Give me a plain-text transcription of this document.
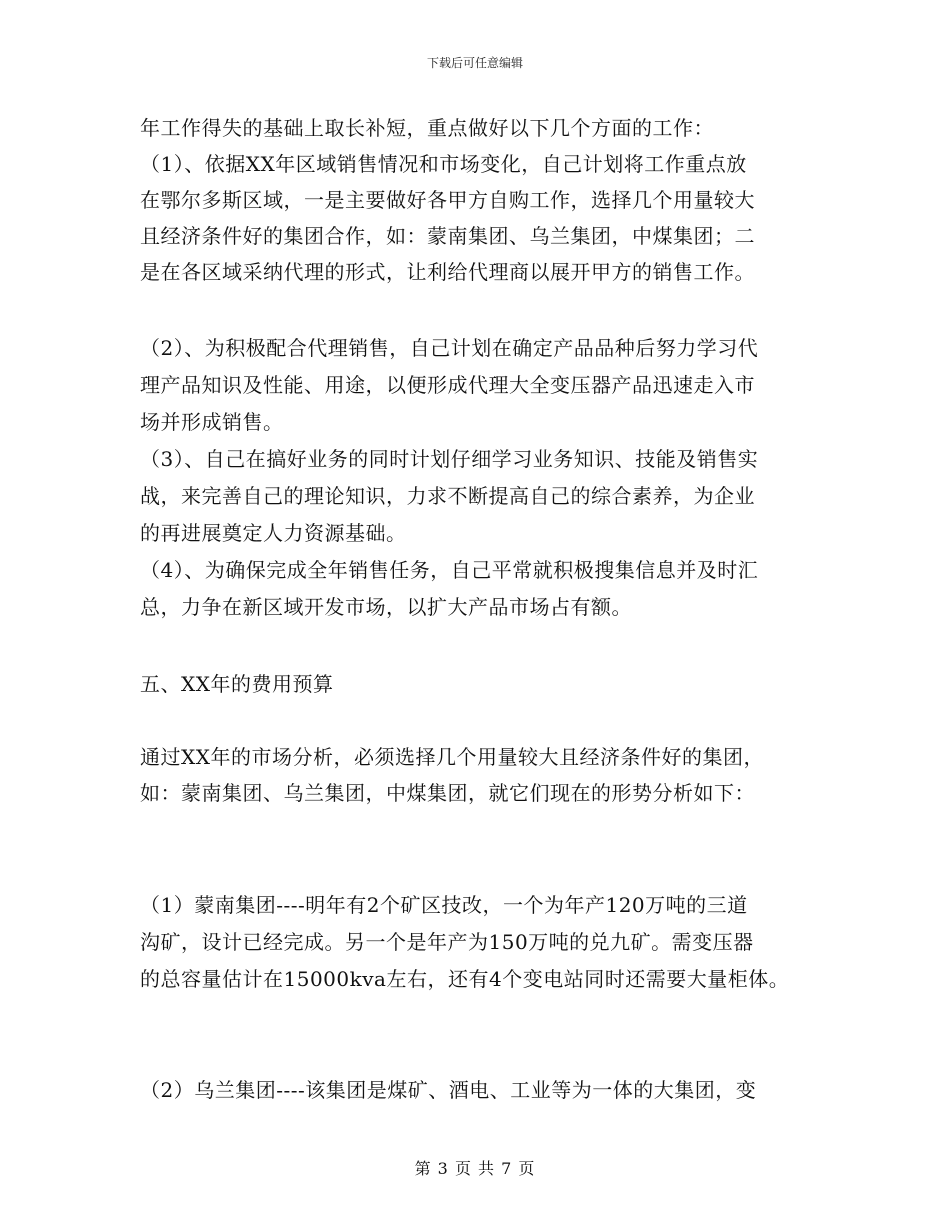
下载后可任意编辑
年工作得失的基础上取长补短，重点做好以下几个方面的工作：
（1）、依据XX年区域销售情况和市场变化，自己计划将工作重点放
在鄂尔多斯区域，一是主要做好各甲方自购工作，选择几个用量较大
且经济条件好的集团合作，如：蒙南集团、乌兰集团，中煤集团；二
是在各区域采纳代理的形式，让利给代理商以展开甲方的销售工作。
（2）、为积极配合代理销售，自己计划在确定产品品种后努力学习代
理产品知识及性能、用途，以便形成代理大全变压器产品迅速走入市
场并形成销售。
（3）、自己在搞好业务的同时计划仔细学习业务知识、技能及销售实
战，来完善自己的理论知识，力求不断提高自己的综合素养，为企业
的再进展奠定人力资源基础。
（4）、为确保完成全年销售任务，自己平常就积极搜集信息并及时汇
总，力争在新区域开发市场，以扩大产品市场占有额。
五、XX年的费用预算
通过XX年的市场分析，必须选择几个用量较大且经济条件好的集团，
如：蒙南集团、乌兰集团，中煤集团，就它们现在的形势分析如下：
（1）蒙南集团----明年有2个矿区技改，一个为年产120万吨的三道
沟矿，设计已经完成。另一个是年产为150万吨的兑九矿。需变压器
的总容量估计在15000kva左右，还有4个变电站同时还需要大量柜体。
（2）乌兰集团----该集团是煤矿、酒电、工业等为一体的大集团，变
第 3 页 共 7 页
